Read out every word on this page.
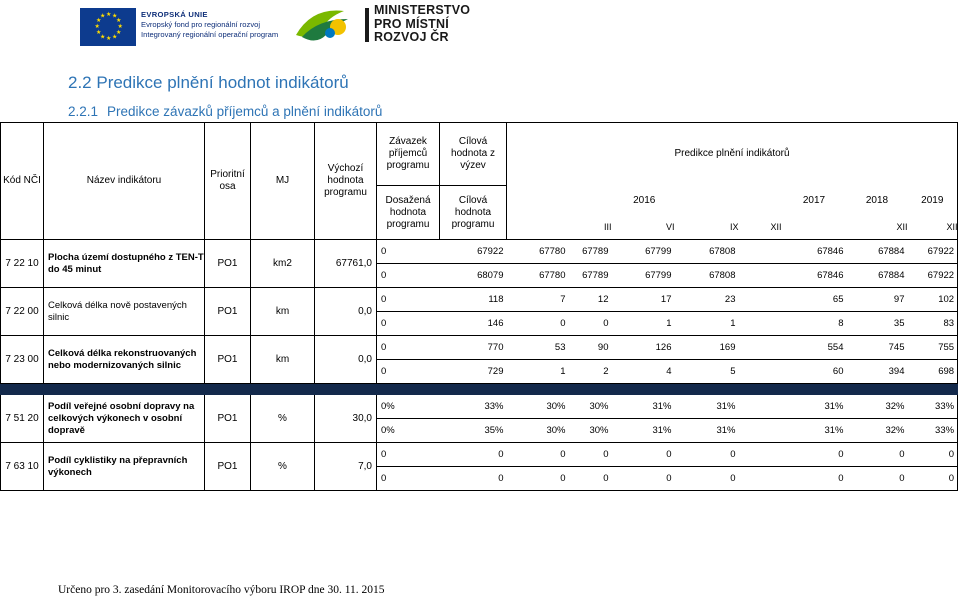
★ ★
★
★
★
★
★
★
★
★
★
★	EVROPSKÁ UNIE
Evropský fond pro regionální rozvoj
Integrovaný regionální operační program
MINISTERSTVO
PRO MÍSTNÍ
ROZVOJ ČR
2.2 Predikce plnění hodnot indikátorů
2.2.1 Predikce závazků příjemců a plnění indikátorů
Kód NČI	Název indikátoru	Prioritní osa	MJ	Výchozí hodnota programu	Závazek příjemců programu	Cílová hodnota z výzev	Predikce plnění indikátorů									
					Dosažená hodnota programu	Cílová hodnota programu	2016						2017	2018	2019	
								III		VI	IX	XII	XII		XII	
7 22 10	Plocha území dostupného z TEN-T do 45 minut	PO1	km2	67761,0	0	67922	67780		67789	67799	67808	67846		67884	67922	
					0	68079	67780		67789	67799	67808	67846		67884	67922	
7 22 00	Celková délka nově postavených silnic	PO1	km	0,0	0	118	7		12	17	23	65		97	102	
					0	146	0		0	1	1	8		35	83	
7 23 00	Celková délka rekonstruovaných nebo modernizovaných silnic	PO1	km	0,0	0	770	53		90	126	169	554		745	755	
					0	729	1		2	4	5	60		394	698	

7 51 20	Podíl veřejné osobní dopravy na celkových výkonech v osobní dopravě	PO1	%	30,0	0%	33%	30%		30%	31%	31%	31%		32%	33%	
					0%	35%	30%		30%	31%	31%	31%		32%	33%	
7 63 10	Podíl cyklistiky na přepravních výkonech	PO1	%	7,0	0	0	0		0	0	0	0		0	0	
					0	0	0		0	0	0	0		0	0	
Určeno pro 3. zasedání Monitorovacího výboru IROP dne 30. 11. 2015
